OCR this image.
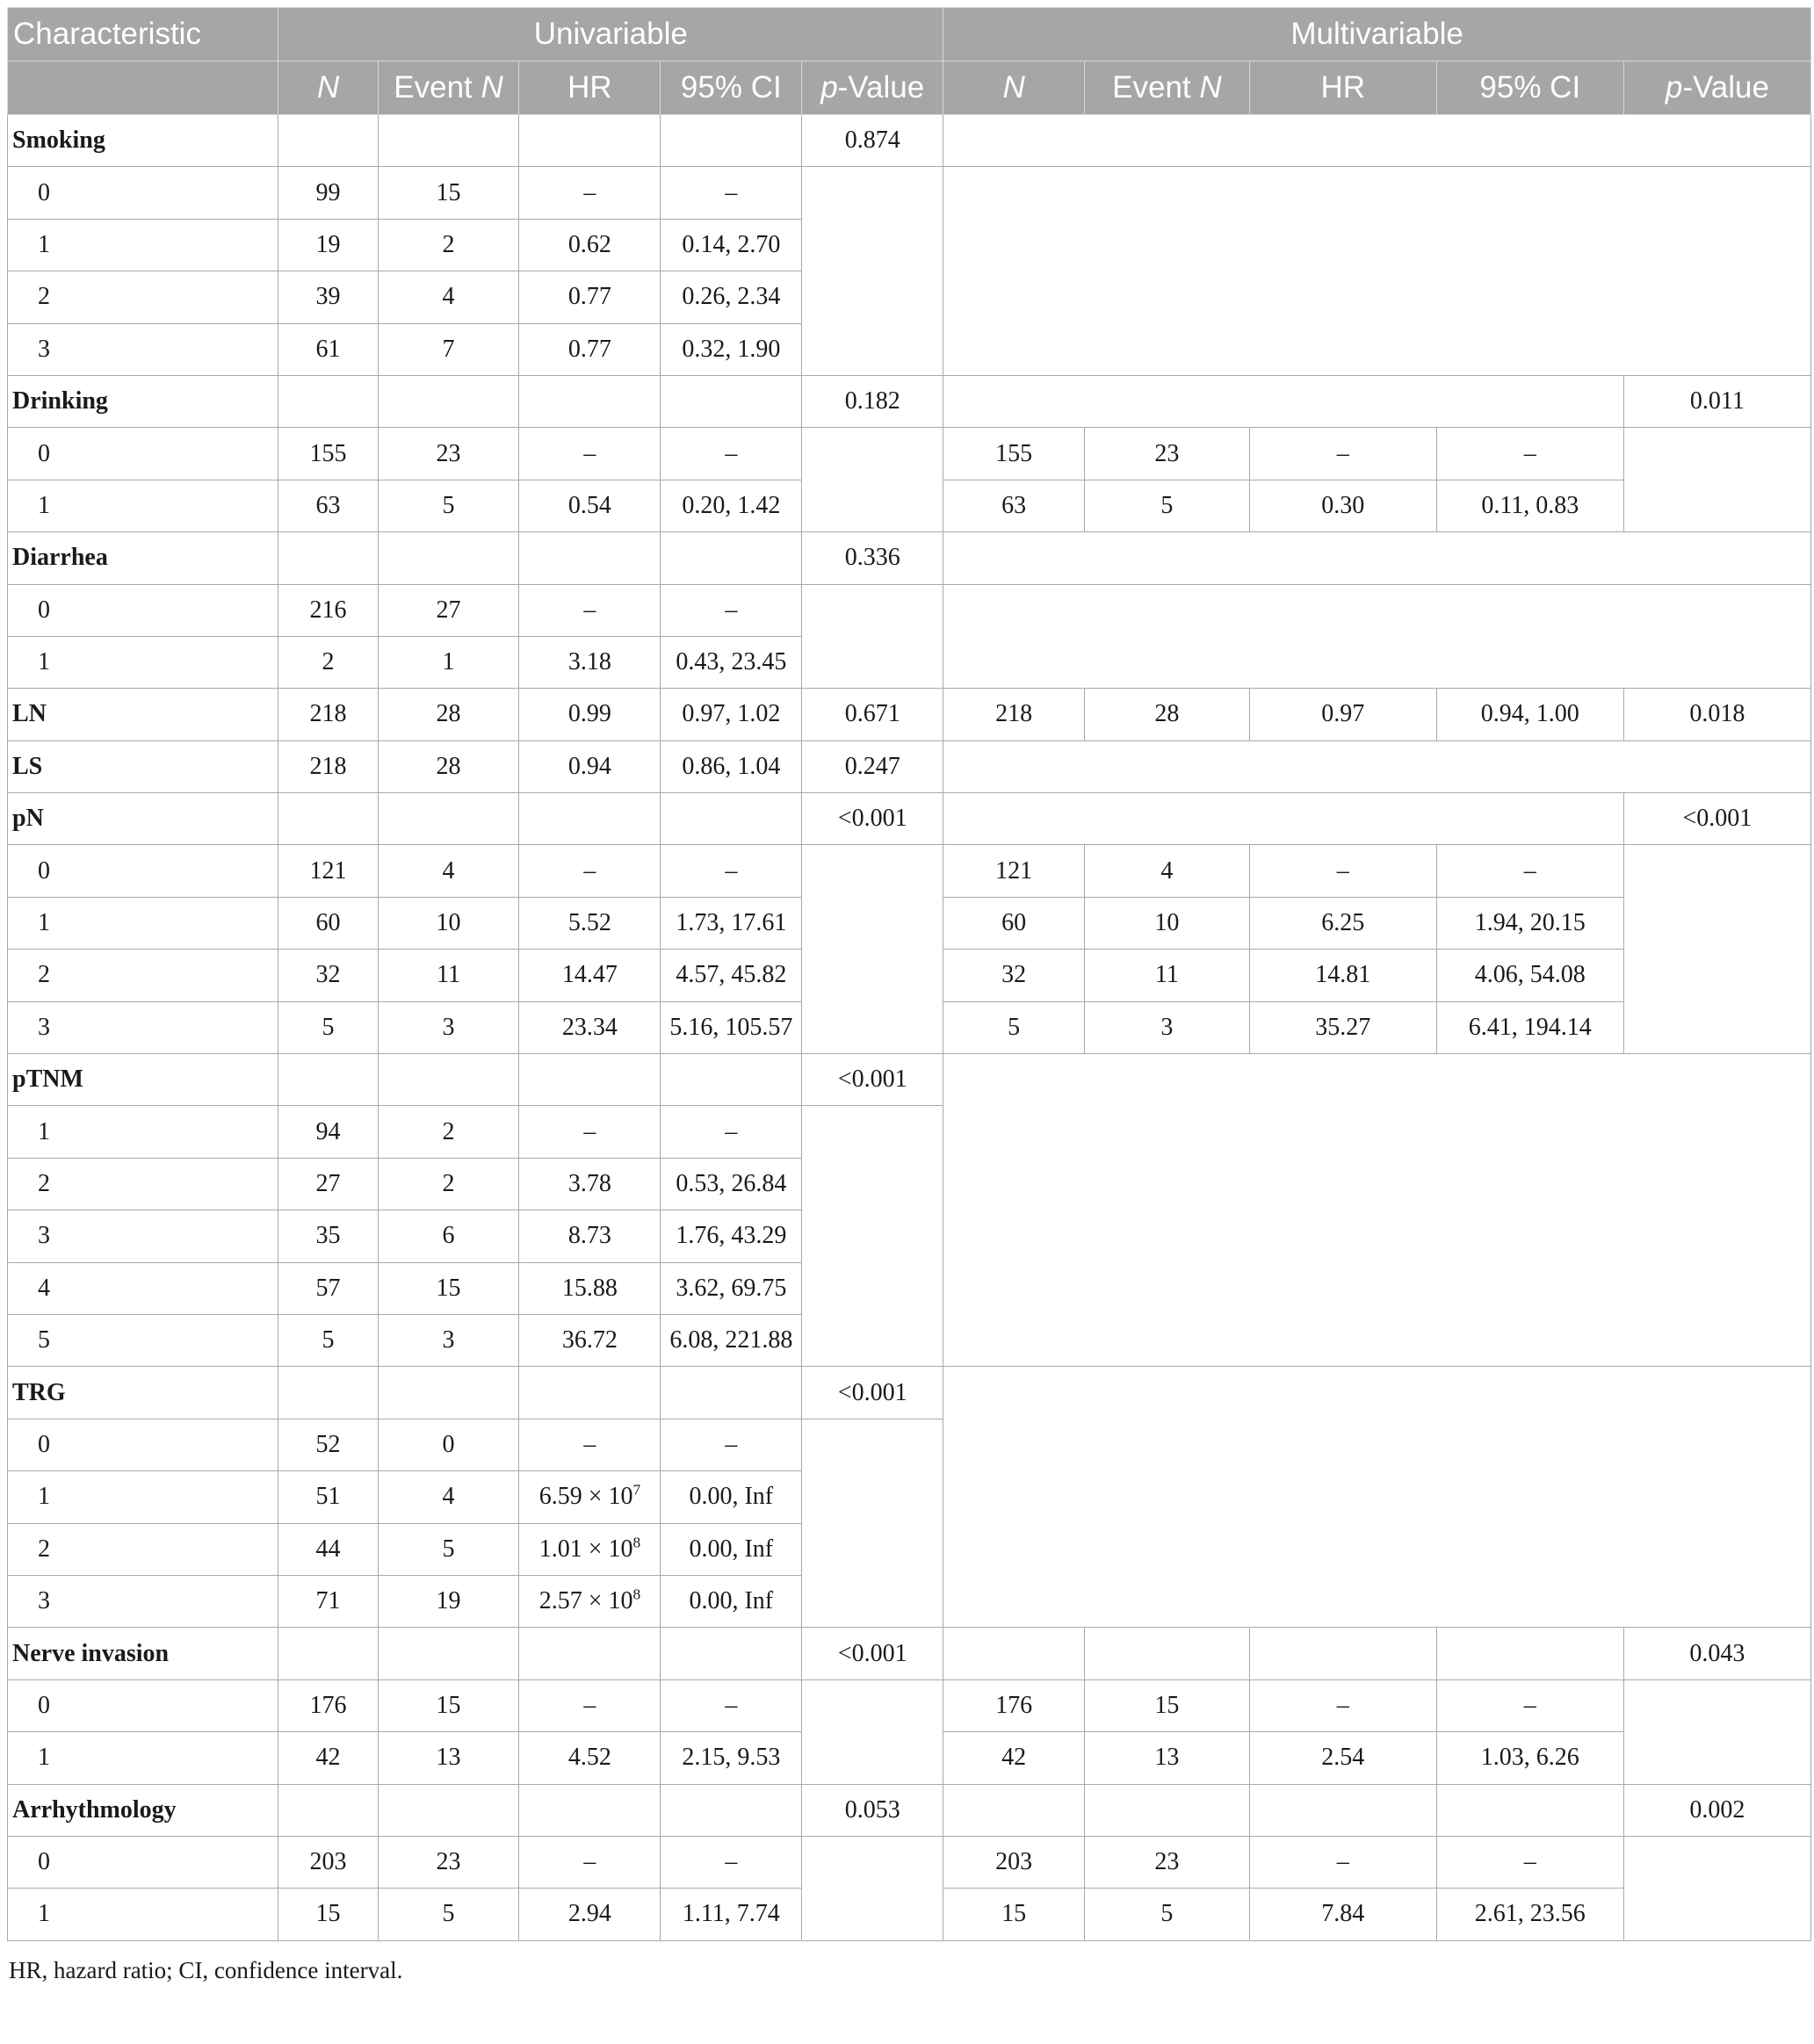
Characteristic	Univariable					Multivariable				
	N	Event N	HR	95% CI	p-Value	N	Event N	HR	95% CI	p-Value
Smoking					0.874					
0	99	15	–	–						
1	19	2	0.62	0.14, 2.70						
2	39	4	0.77	0.26, 2.34						
3	61	7	0.77	0.32, 1.90						
Drinking					0.182					0.011
0	155	23	–	–		155	23	–	–	
1	63	5	0.54	0.20, 1.42		63	5	0.30	0.11, 0.83	
Diarrhea					0.336					
0	216	27	–	–						
1	2	1	3.18	0.43, 23.45						
LN	218	28	0.99	0.97, 1.02	0.671	218	28	0.97	0.94, 1.00	0.018
LS	218	28	0.94	0.86, 1.04	0.247					
pN					<0.001					<0.001
0	121	4	–	–		121	4	–	–	
1	60	10	5.52	1.73, 17.61		60	10	6.25	1.94, 20.15	
2	32	11	14.47	4.57, 45.82		32	11	14.81	4.06, 54.08	
3	5	3	23.34	5.16, 105.57		5	3	35.27	6.41, 194.14	
pTNM					<0.001					
1	94	2	–	–						
2	27	2	3.78	0.53, 26.84						
3	35	6	8.73	1.76, 43.29						
4	57	15	15.88	3.62, 69.75						
5	5	3	36.72	6.08, 221.88						
TRG					<0.001					
0	52	0	–	–						
1	51	4	$6.59 \times 10^7$	0.00, Inf						
2	44	5	$1.01 \times 10^8$	0.00, Inf						
3	71	19	$2.57 \times 10^8$	0.00, Inf						
Nerve invasion					<0.001					0.043
0	176	15	–	–		176	15	–	–	
1	42	13	4.52	2.15, 9.53		42	13	2.54	1.03, 6.26	
Arrhythmology					0.053					0.002
0	203	23	–	–		203	23	–	–	
1	15	5	2.94	1.11, 7.74		15	5	7.84	2.61, 23.56	
HR, hazard ratio; CI, confidence interval.
